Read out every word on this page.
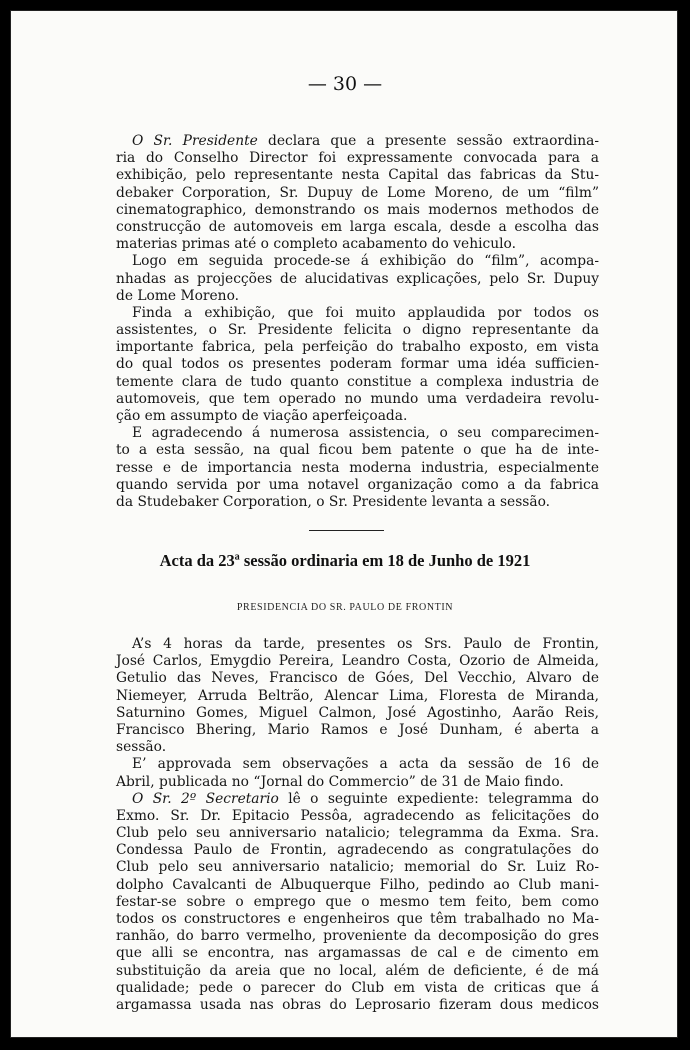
— 30 —
O Sr. Presidente declara que a presente sessão extraordina-
ria do Conselho Director foi expressamente convocada para a
exhibição, pelo representante nesta Capital das fabricas da Stu-
debaker Corporation, Sr. Dupuy de Lome Moreno, de um “film”
cinematographico, demonstrando os mais modernos methodos de
construcção de automoveis em larga escala, desde a escolha das
materias primas até o completo acabamento do vehiculo.
Logo em seguida procede-se á exhibição do “film”, acompa-
nhadas as projecções de alucidativas explicações, pelo Sr. Dupuy
de Lome Moreno.
Finda a exhibição, que foi muito applaudida por todos os
assistentes, o Sr. Presidente felicita o digno representante da
importante fabrica, pela perfeição do trabalho exposto, em vista
do qual todos os presentes poderam formar uma idéa sufficien-
temente clara de tudo quanto constitue a complexa industria de
automoveis, que tem operado no mundo uma verdadeira revolu-
ção em assumpto de viação aperfeiçoada.
E agradecendo á numerosa assistencia, o seu comparecimen-
to a esta sessão, na qual ficou bem patente o que ha de inte-
resse e de importancia nesta moderna industria, especialmente
quando servida por uma notavel organização como a da fabrica
da Studebaker Corporation, o Sr. Presidente levanta a sessão.
Acta da 23ª sessão ordinaria em 18 de Junho de 1921
PRESIDENCIA DO SR. PAULO DE FRONTIN
A’s 4 horas da tarde, presentes os Srs. Paulo de Frontin,
José Carlos, Emygdio Pereira, Leandro Costa, Ozorio de Almeida,
Getulio das Neves, Francisco de Góes, Del Vecchio, Alvaro de
Niemeyer, Arruda Beltrão, Alencar Lima, Floresta de Miranda,
Saturnino Gomes, Miguel Calmon, José Agostinho, Aarão Reis,
Francisco Bhering, Mario Ramos e José Dunham, é aberta a
sessão.
E’ approvada sem observações a acta da sessão de 16 de
Abril, publicada no “Jornal do Commercio” de 31 de Maio findo.
O Sr. 2º Secretario lê o seguinte expediente: telegramma do
Exmo. Sr. Dr. Epitacio Pessôa, agradecendo as felicitações do
Club pelo seu anniversario natalicio; telegramma da Exma. Sra.
Condessa Paulo de Frontin, agradecendo as congratulações do
Club pelo seu anniversario natalicio; memorial do Sr. Luiz Ro-
dolpho Cavalcanti de Albuquerque Filho, pedindo ao Club mani-
festar-se sobre o emprego que o mesmo tem feito, bem como
todos os constructores e engenheiros que têm trabalhado no Ma-
ranhão, do barro vermelho, proveniente da decomposição do gres
que alli se encontra, nas argamassas de cal e de cimento em
substituição da areia que no local, além de deficiente, é de má
qualidade; pede o parecer do Club em vista de criticas que á
argamassa usada nas obras do Leprosario fizeram dous medicos
